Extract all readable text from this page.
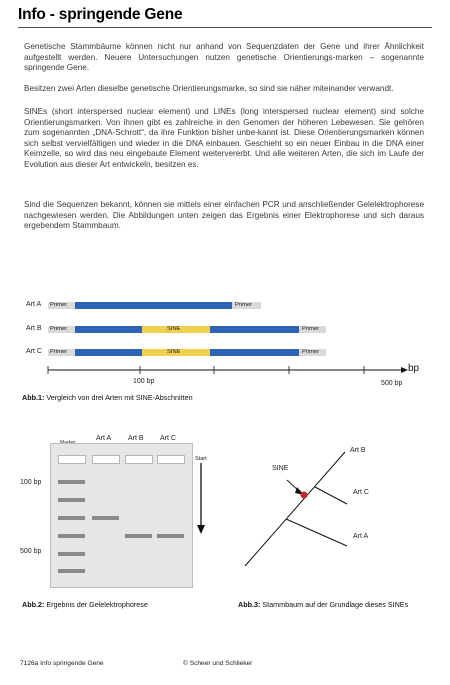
Info - springende Gene
Genetische Stammbäume können nicht nur anhand von Sequenzdaten der Gene und ihrer Ähnlichkeit aufgestellt werden. Neuere Untersuchungen nutzen genetische Orientierungs-marken – sogenannte springende Gene.
Besitzen zwei Arten dieselbe genetische Orientierungsmarke, so sind sie näher miteinander verwandt.
SINEs (short interspersed nuclear element) und LINEs (long interspersed nuclear element) sind solche Orientierungsmarken. Von ihnen gibt es zahlreiche in den Genomen der höheren Lebewesen. Sie gehören zum sogenannten „DNA-Schrott“, da ihre Funktion bisher unbe-kannt ist. Diese Orientierungsmarken können sich selbst vervielfältigen und wieder in die DNA einbauen. Geschieht so ein neuer Einbau in die DNA einer Keimzelle, so wird das neu eingebaute Element weitervererbt. Und alle weiteren Arten, die sich im Laufe der Evolution aus dieser Art entwickeln, besitzen es.
Sind die Sequenzen bekannt, können sie mittels einer einfachen PCR und anschließender Gelelektrophorese nachgewiesen werden. Die Abbildungen unten zeigen das Ergebnis einer Elektrophorese und sich daraus ergebendem Stammbaum.
Art A Primer	Primer
Art B Primer	SINE	Primer
Art C Primer	SINE	Primer
bp
100 bp	500 bp
Abb.1: Vergleich von drei Arten mit SINE-Abschnitten
Art A Art B Art C
100 bp
500 bp
Start
Abb.2: Ergebnis der Gelelektrophorese
SINE
Art B
Art C
Art A
Abb.3: Stammbaum auf der Grundlage dieses SINEs
7126a Info springende Gene	© Scheer und Schlieker
